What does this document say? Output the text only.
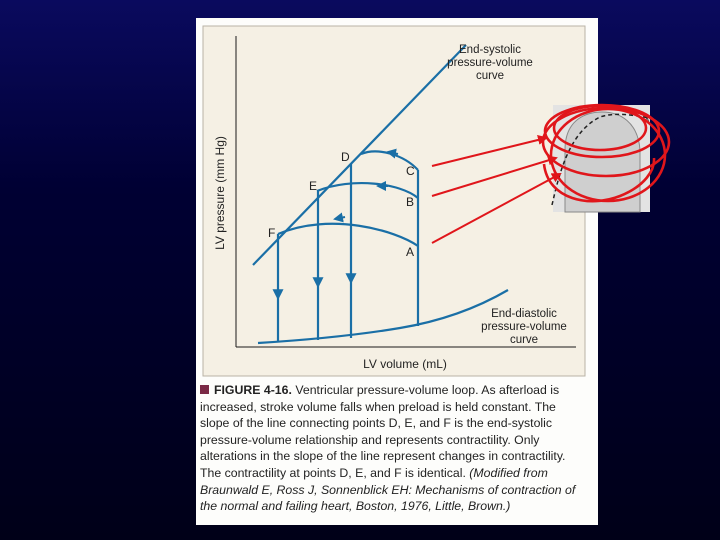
LV pressure (mm Hg)
LV volume (mL)
D
E
F
C
B
A
End-systolic
pressure-volume
curve
End-diastolic
pressure-volume
curve
A
FIGURE 4-16. Ventricular pressure-volume loop. As afterload is increased, stroke volume falls when preload is held constant. The slope of the line connecting points D, E, and F is the end-systolic pressure-volume relationship and represents contractility. Only alterations in the slope of the line represent changes in contractility. The contractility at points D, E, and F is identical. (Modified from Braunwald E, Ross J, Sonnenblick EH: Mechanisms of contraction of the normal and failing heart, Boston, 1976, Little, Brown.)
